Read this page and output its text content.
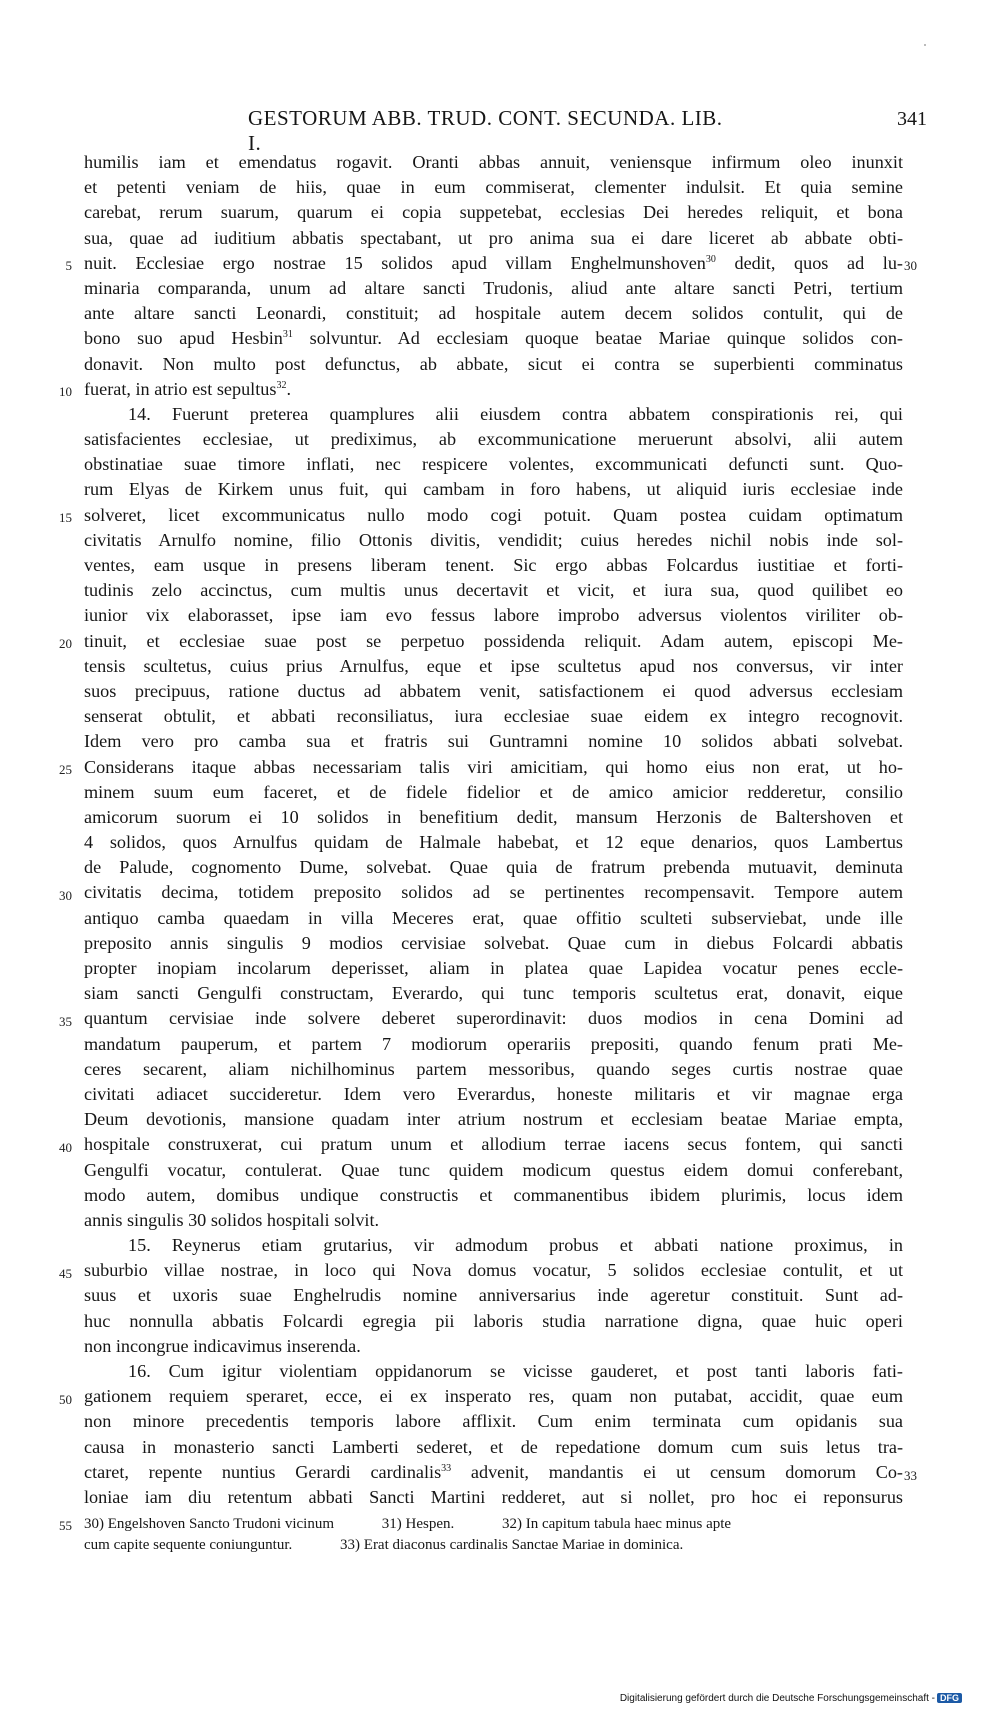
GESTORUM ABB. TRUD. CONT. SECUNDA. LIB. I.
341
5
10
15
20
25
30
35
40
45
50
55
30
33
humilis iam et emendatus rogavit. Oranti abbas annuit, veniensque infirmum oleo inunxit
et petenti veniam de hiis, quae in eum commiserat, clementer indulsit. Et quia semine
carebat, rerum suarum, quarum ei copia suppetebat, ecclesias Dei heredes reliquit, et bona
sua, quae ad iuditium abbatis spectabant, ut pro anima sua ei dare liceret ab abbate obti-
nuit. Ecclesiae ergo nostrae 15 solidos apud villam Enghelmunshoven$^{30}$ dedit, quos ad lu-
minaria comparanda, unum ad altare sancti Trudonis, aliud ante altare sancti Petri, tertium
ante altare sancti Leonardi, constituit; ad hospitale autem decem solidos contulit, qui de
bono suo apud Hesbin$^{31}$ solvuntur. Ad ecclesiam quoque beatae Mariae quinque solidos con-
donavit. Non multo post defunctus, ab abbate, sicut ei contra se superbienti comminatus
fuerat, in atrio est sepultus$^{32}$.
14. Fuerunt preterea quamplures alii eiusdem contra abbatem conspirationis rei, qui
satisfacientes ecclesiae, ut prediximus, ab excommunicatione meruerunt absolvi, alii autem
obstinatiae suae timore inflati, nec respicere volentes, excommunicati defuncti sunt. Quo-
rum Elyas de Kirkem unus fuit, qui cambam in foro habens, ut aliquid iuris ecclesiae inde
solveret, licet excommunicatus nullo modo cogi potuit. Quam postea cuidam optimatum
civitatis Arnulfo nomine, filio Ottonis divitis, vendidit; cuius heredes nichil nobis inde sol-
ventes, eam usque in presens liberam tenent. Sic ergo abbas Folcardus iustitiae et forti-
tudinis zelo accinctus, cum multis unus decertavit et vicit, et iura sua, quod quilibet eo
iunior vix elaborasset, ipse iam evo fessus labore improbo adversus violentos viriliter ob-
tinuit, et ecclesiae suae post se perpetuo possidenda reliquit. Adam autem, episcopi Me-
tensis scultetus, cuius prius Arnulfus, eque et ipse scultetus apud nos conversus, vir inter
suos precipuus, ratione ductus ad abbatem venit, satisfactionem ei quod adversus ecclesiam
senserat obtulit, et abbati reconsiliatus, iura ecclesiae suae eidem ex integro recognovit.
Idem vero pro camba sua et fratris sui Guntramni nomine 10 solidos abbati solvebat.
Considerans itaque abbas necessariam talis viri amicitiam, qui homo eius non erat, ut ho-
minem suum eum faceret, et de fidele fidelior et de amico amicior redderetur, consilio
amicorum suorum ei 10 solidos in benefitium dedit, mansum Herzonis de Baltershoven et
4 solidos, quos Arnulfus quidam de Halmale habebat, et 12 eque denarios, quos Lambertus
de Palude, cognomento Dume, solvebat. Quae quia de fratrum prebenda mutuavit, deminuta
civitatis decima, totidem preposito solidos ad se pertinentes recompensavit. Tempore autem
antiquo camba quaedam in villa Meceres erat, quae offitio sculteti subserviebat, unde ille
preposito annis singulis 9 modios cervisiae solvebat. Quae cum in diebus Folcardi abbatis
propter inopiam incolarum deperisset, aliam in platea quae Lapidea vocatur penes eccle-
siam sancti Gengulfi constructam, Everardo, qui tunc temporis scultetus erat, donavit, eique
quantum cervisiae inde solvere deberet superordinavit: duos modios in cena Domini ad
mandatum pauperum, et partem 7 modiorum operariis prepositi, quando fenum prati Me-
ceres secarent, aliam nichilhominus partem messoribus, quando seges curtis nostrae quae
civitati adiacet succideretur. Idem vero Everardus, honeste militaris et vir magnae erga
Deum devotionis, mansione quadam inter atrium nostrum et ecclesiam beatae Mariae empta,
hospitale construxerat, cui pratum unum et allodium terrae iacens secus fontem, qui sancti
Gengulfi vocatur, contulerat. Quae tunc quidem modicum questus eidem domui conferebant,
modo autem, domibus undique constructis et commanentibus ibidem plurimis, locus idem
annis singulis 30 solidos hospitali solvit.
15. Reynerus etiam grutarius, vir admodum probus et abbati natione proximus, in
suburbio villae nostrae, in loco qui Nova domus vocatur, 5 solidos ecclesiae contulit, et ut
suus et uxoris suae Enghelrudis nomine anniversarius inde ageretur constituit. Sunt ad-
huc nonnulla abbatis Folcardi egregia pii laboris studia narratione digna, quae huic operi
non incongrue indicavimus inserenda.
16. Cum igitur violentiam oppidanorum se vicisse gauderet, et post tanti laboris fati-
gationem requiem speraret, ecce, ei ex insperato res, quam non putabat, accidit, quae eum
non minore precedentis temporis labore afflixit. Cum enim terminata cum opidanis sua
causa in monasterio sancti Lamberti sederet, et de repedatione domum cum suis letus tra-
ctaret, repente nuntius Gerardi cardinalis$^{33}$ advenit, mandantis ei ut censum domorum Co-
loniae iam diu retentum abbati Sancti Martini redderet, aut si nollet, pro hoc ei reponsurus
30) Engelshoven Sancto Trudoni vicinum	31) Hespen.	32) In capitum tabula haec minus apte
cum capite sequente coniunguntur.	33) Erat diaconus cardinalis Sanctae Mariae in dominica.
Digitalisierung gefördert durch die Deutsche Forschungsgemeinschaft - DFG
